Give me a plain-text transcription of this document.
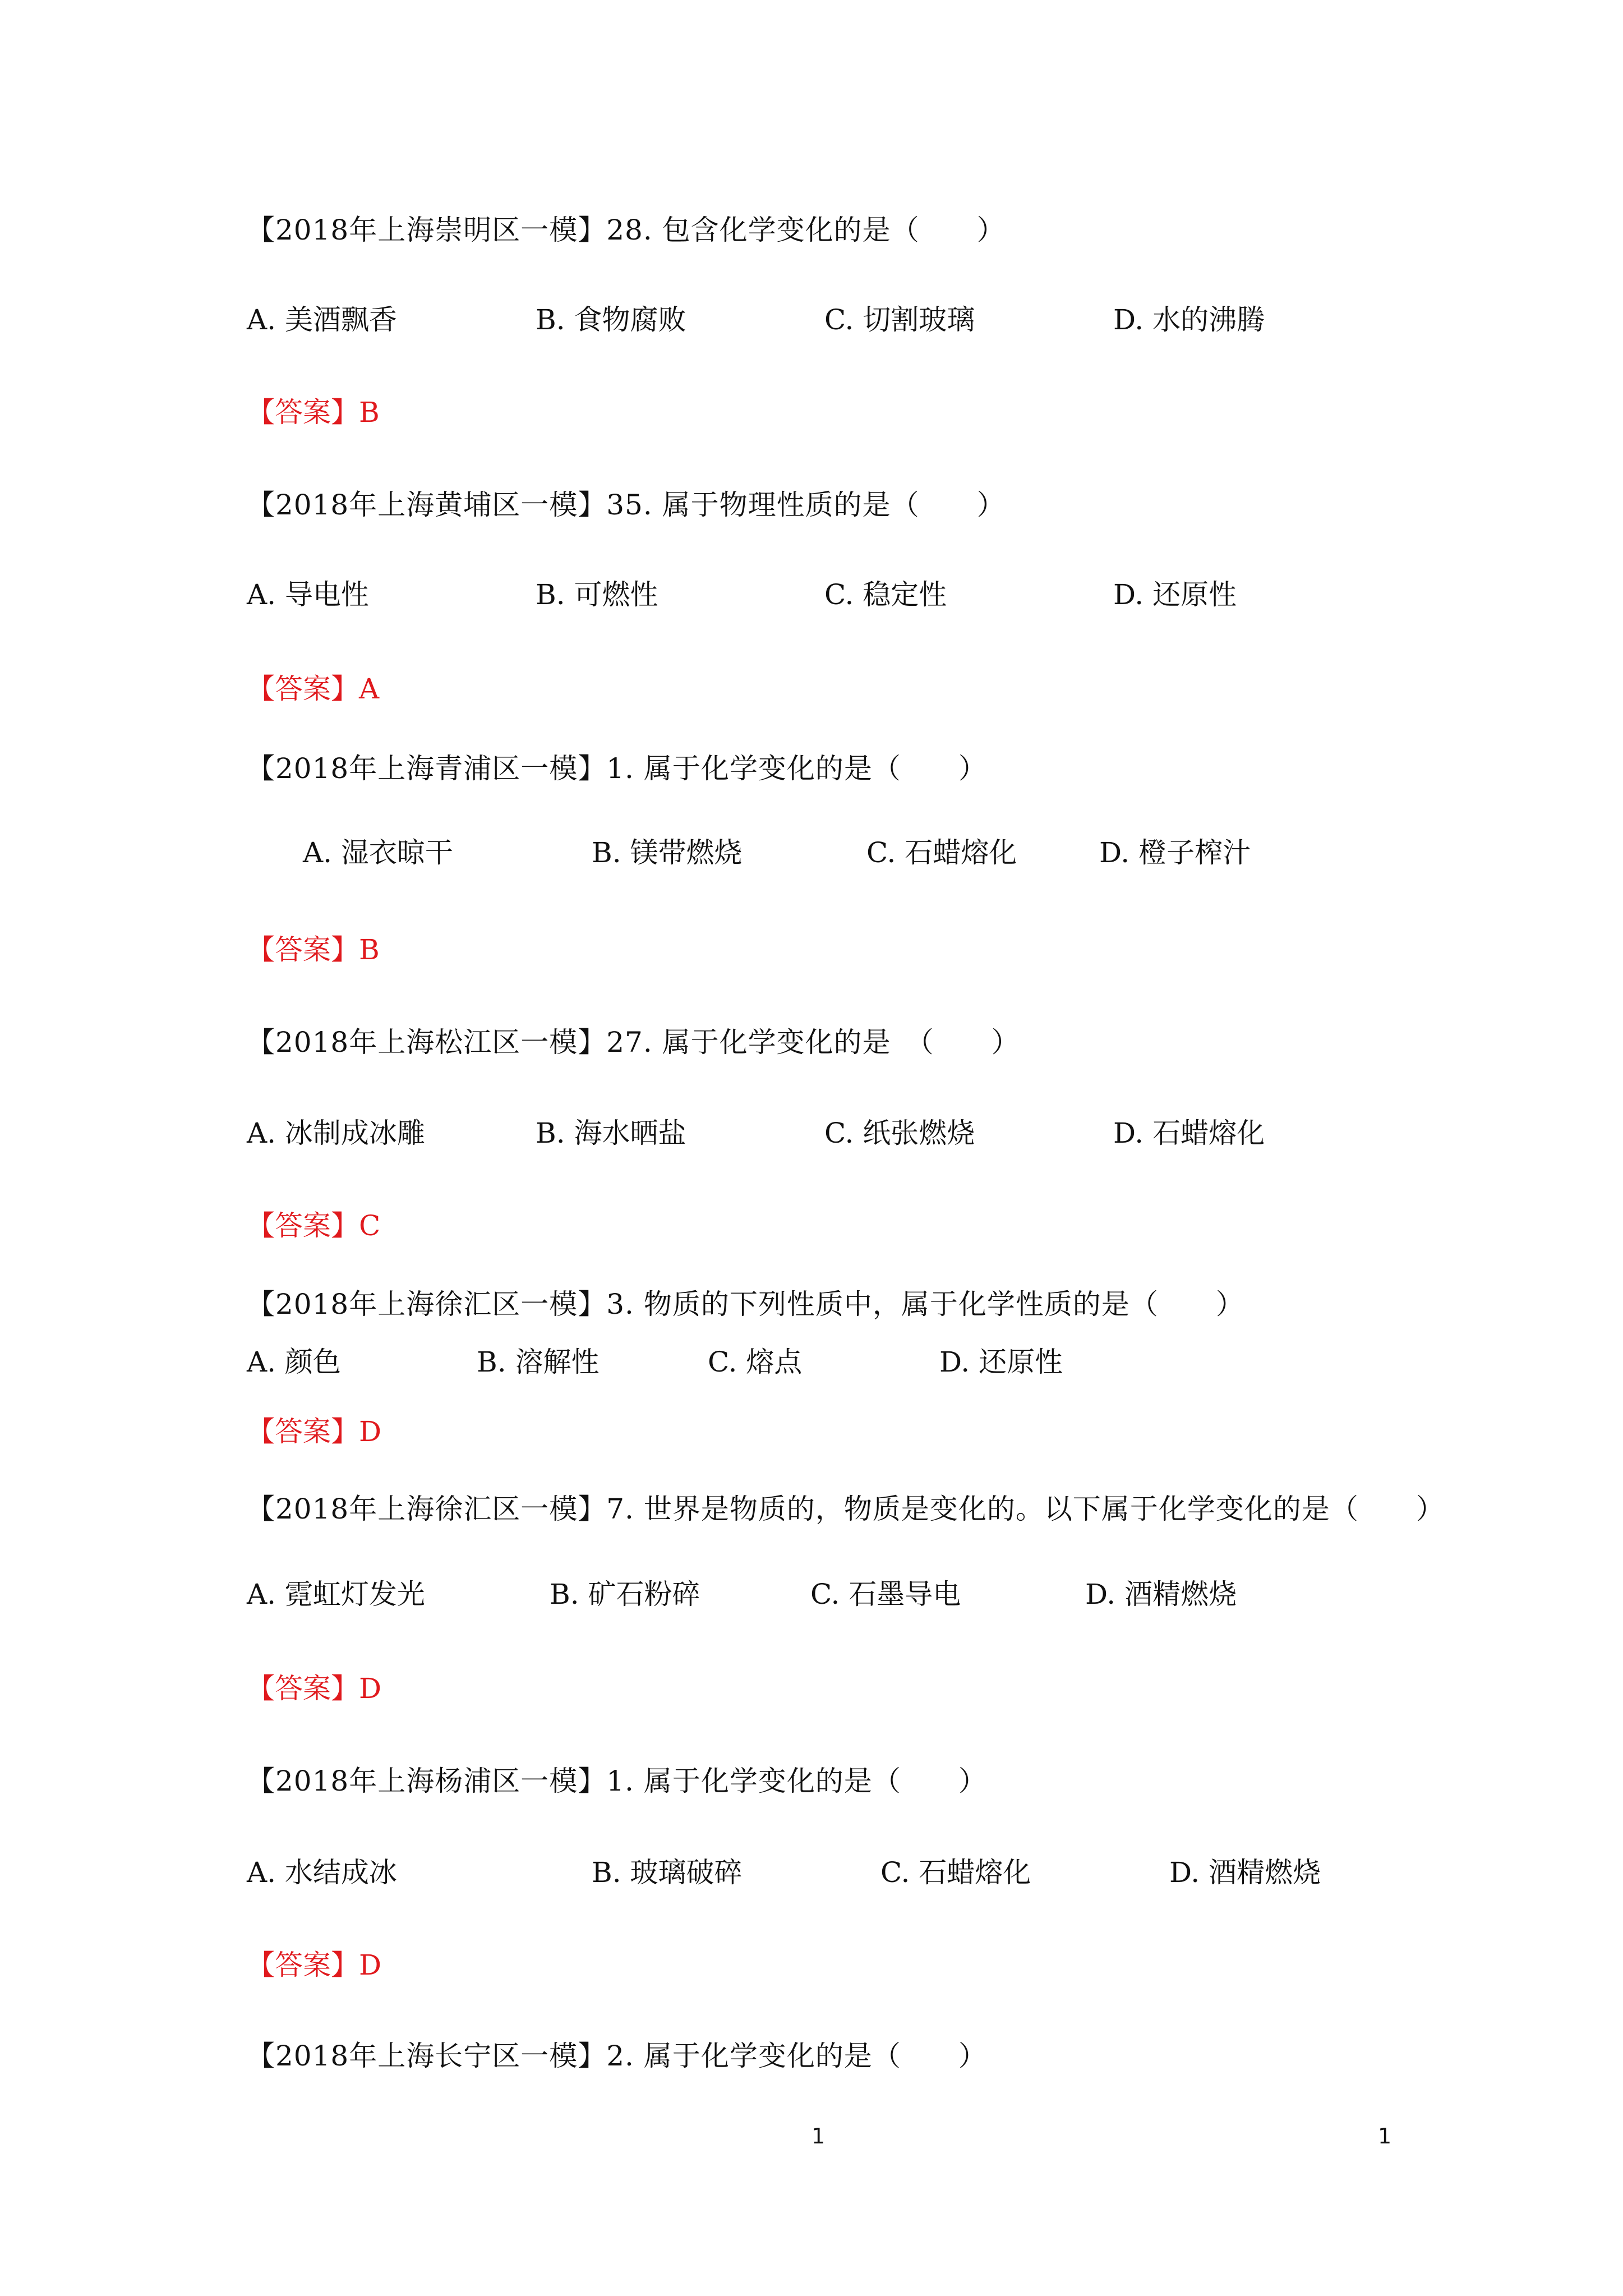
【2018年上海崇明区一模】28. 包含化学变化的是（　　）
A. 美酒飘香	B. 食物腐败	C. 切割玻璃	D. 水的沸腾
【答案】B
【2018年上海黄埔区一模】35. 属于物理性质的是（　　）
A. 导电性	B. 可燃性	C. 稳定性	D. 还原性
【答案】A
【2018年上海青浦区一模】1. 属于化学变化的是（　　）
A. 湿衣晾干	B. 镁带燃烧	C. 石蜡熔化	D. 橙子榨汁
【答案】B
【2018年上海松江区一模】27. 属于化学变化的是　（　　）
A. 冰制成冰雕	B. 海水晒盐	C. 纸张燃烧	D. 石蜡熔化
【答案】C
【2018年上海徐汇区一模】3. 物质的下列性质中，属于化学性质的是（　　）
A. 颜色	B. 溶解性	C. 熔点	D. 还原性
【答案】D
【2018年上海徐汇区一模】7. 世界是物质的，物质是变化的。以下属于化学变化的是（　　）
A. 霓虹灯发光	B. 矿石粉碎	C. 石墨导电	D. 酒精燃烧
【答案】D
【2018年上海杨浦区一模】1. 属于化学变化的是（　　）
A. 水结成冰	B. 玻璃破碎	C. 石蜡熔化	D. 酒精燃烧
【答案】D
【2018年上海长宁区一模】2. 属于化学变化的是（　　）
1	1
